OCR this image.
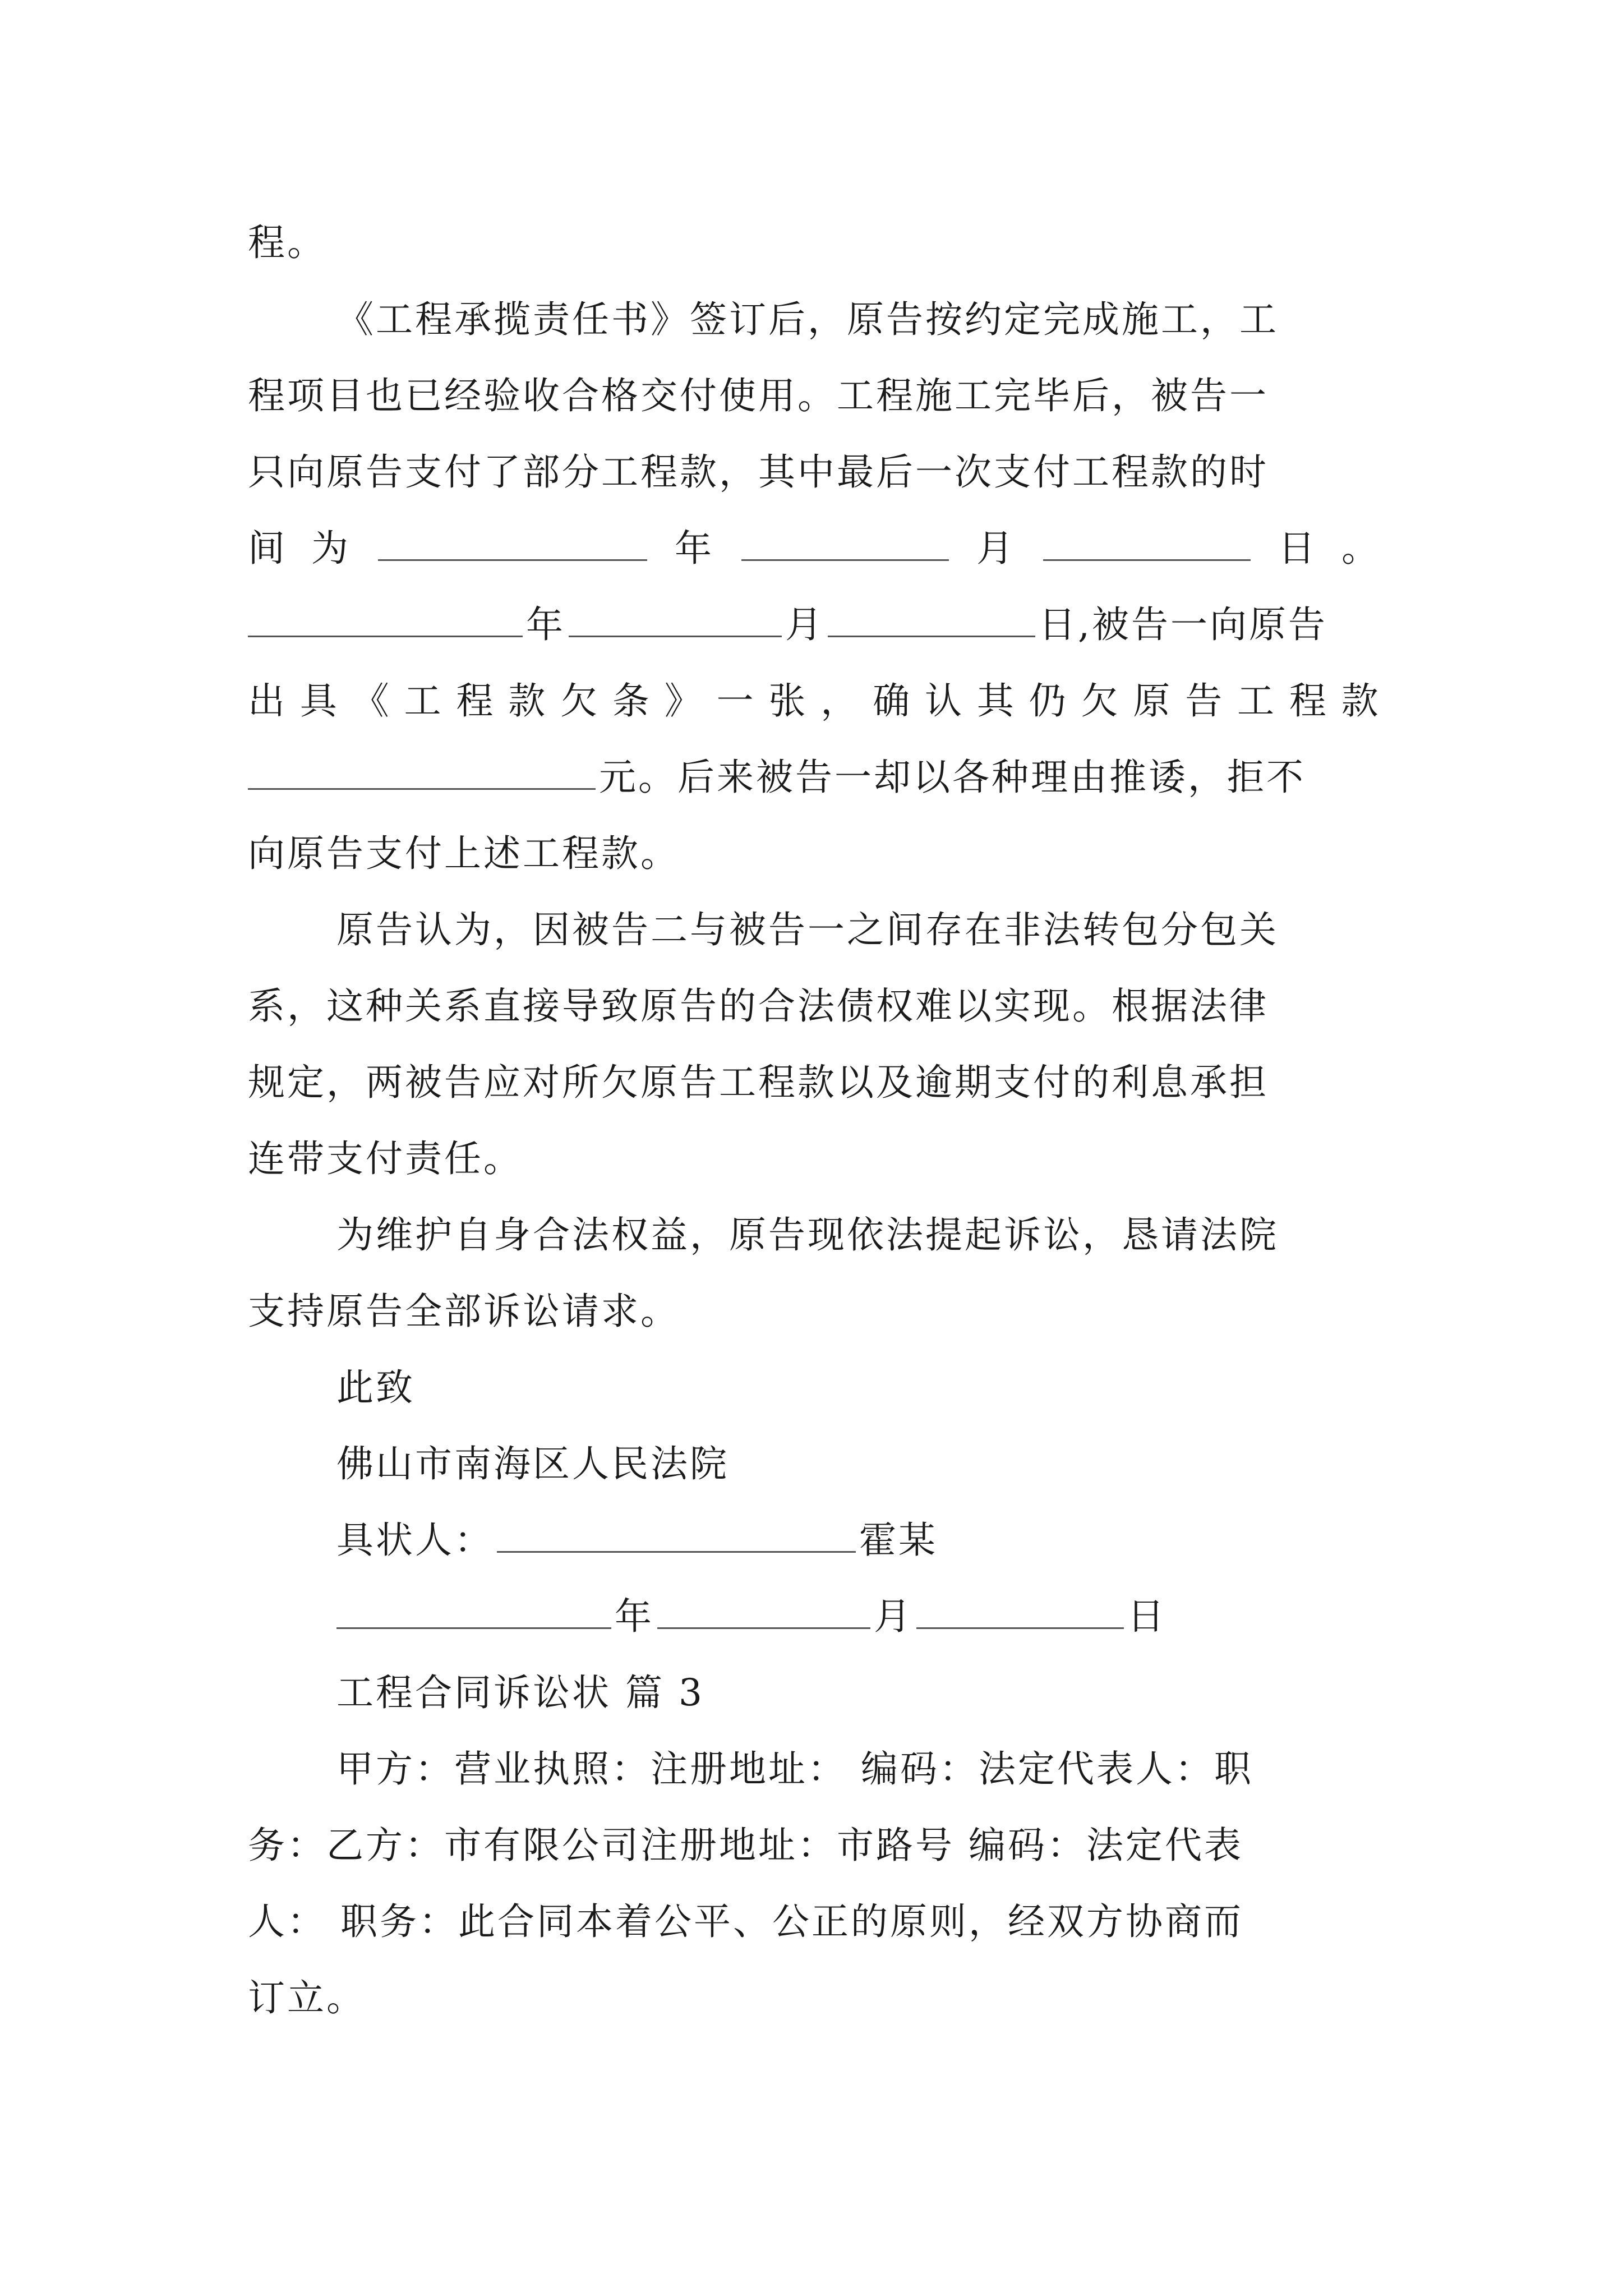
程。
《工程承揽责任书》签订后，原告按约定完成施工，工
程项目也已经验收合格交付使用。工程施工完毕后，被告一
只向原告支付了部分工程款，其中最后一次支付工程款的时
间 为	年	月	日 。
年	月	日,被告一向原告
出 具 《 工 程 款 欠 条 》 一 张 ， 确 认 其 仍 欠 原 告 工 程 款
元。后来被告一却以各种理由推诿，拒不
向原告支付上述工程款。
原告认为，因被告二与被告一之间存在非法转包分包关
系，这种关系直接导致原告的合法债权难以实现。根据法律
规定，两被告应对所欠原告工程款以及逾期支付的利息承担
连带支付责任。
为维护自身合法权益，原告现依法提起诉讼，恳请法院
支持原告全部诉讼请求。
此致
佛山市南海区人民法院
具状人：	霍某
年	月	日
工程合同诉讼状 篇 3
甲方：营业执照：注册地址： 编码：法定代表人：职
务：乙方：市有限公司注册地址：市路号 编码：法定代表
人： 职务：此合同本着公平、公正的原则，经双方协商而
订立。
